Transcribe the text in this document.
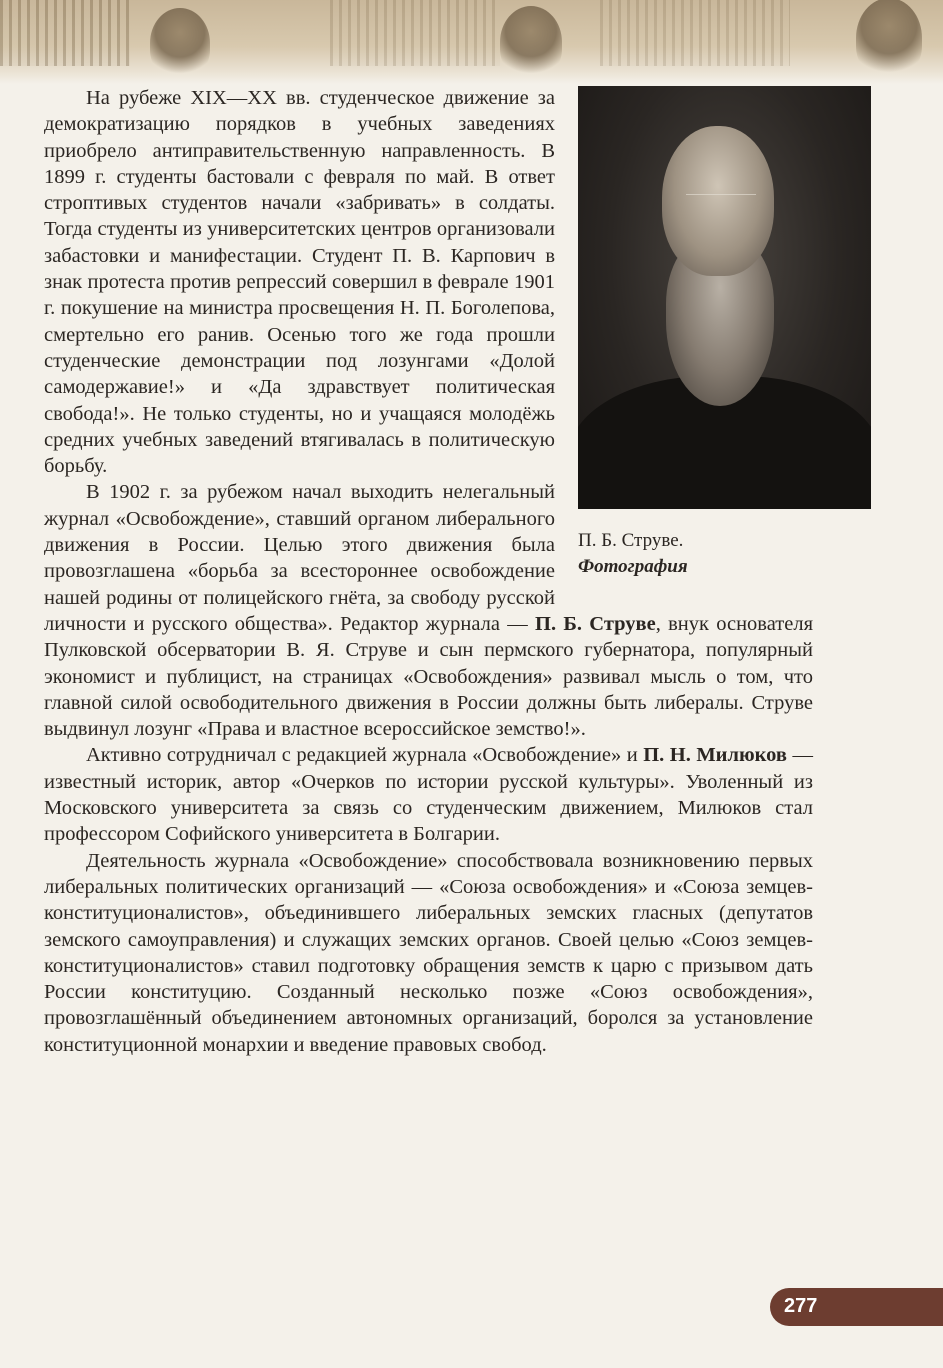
П. Б. Струве.
Фотография

На рубеже XIX—XX вв. студенческое движение за демократизацию порядков в учебных заведениях приобрело антиправительственную направленность. В 1899 г. студенты бастовали с февраля по май. В ответ строптивых студентов начали «забривать» в солдаты. Тогда студенты из университетских центров организовали забастовки и манифестации. Студент П. В. Карпович в знак протеста против репрессий совершил в феврале 1901 г. покушение на министра просвещения Н. П. Боголепова, смертельно его ранив. Осенью того же года прошли студенческие демонстрации под лозунгами «Долой самодержавие!» и «Да здравствует политическая свобода!». Не только студенты, но и учащаяся молодёжь средних учебных заведений втягивалась в политическую борьбу.

В 1902 г. за рубежом начал выходить нелегальный журнал «Освобождение», ставший органом либерального движения в России. Целью этого движения была провозглашена «борьба за всестороннее освобождение нашей родины от полицейского гнёта, за свободу русской личности и русского общества». Редактор журнала — П. Б. Струве, внук основателя Пулковской обсерватории В. Я. Струве и сын пермского губернатора, популярный экономист и публицист, на страницах «Освобождения» развивал мысль о том, что главной силой освободительного движения в России должны быть либералы. Струве выдвинул лозунг «Права и властное всероссийское земство!».

Активно сотрудничал с редакцией журнала «Освобождение» и П. Н. Милюков — известный историк, автор «Очерков по истории русской культуры». Уволенный из Московского университета за связь со студенческим движением, Милюков стал профессором Софийского университета в Болгарии.

Деятельность журнала «Освобождение» способствовала возникновению первых либеральных политических организаций — «Союза освобождения» и «Союза земцев-конституционалистов», объединившего либеральных земских гласных (депутатов земского самоуправления) и служащих земских органов. Своей целью «Союз земцев-конституционалистов» ставил подготовку обращения земств к царю с призывом дать России конституцию. Созданный несколько позже «Союз освобождения», провозглашённый объединением автономных организаций, боролся за установление конституционной монархии и введение правовых свобод.

277
